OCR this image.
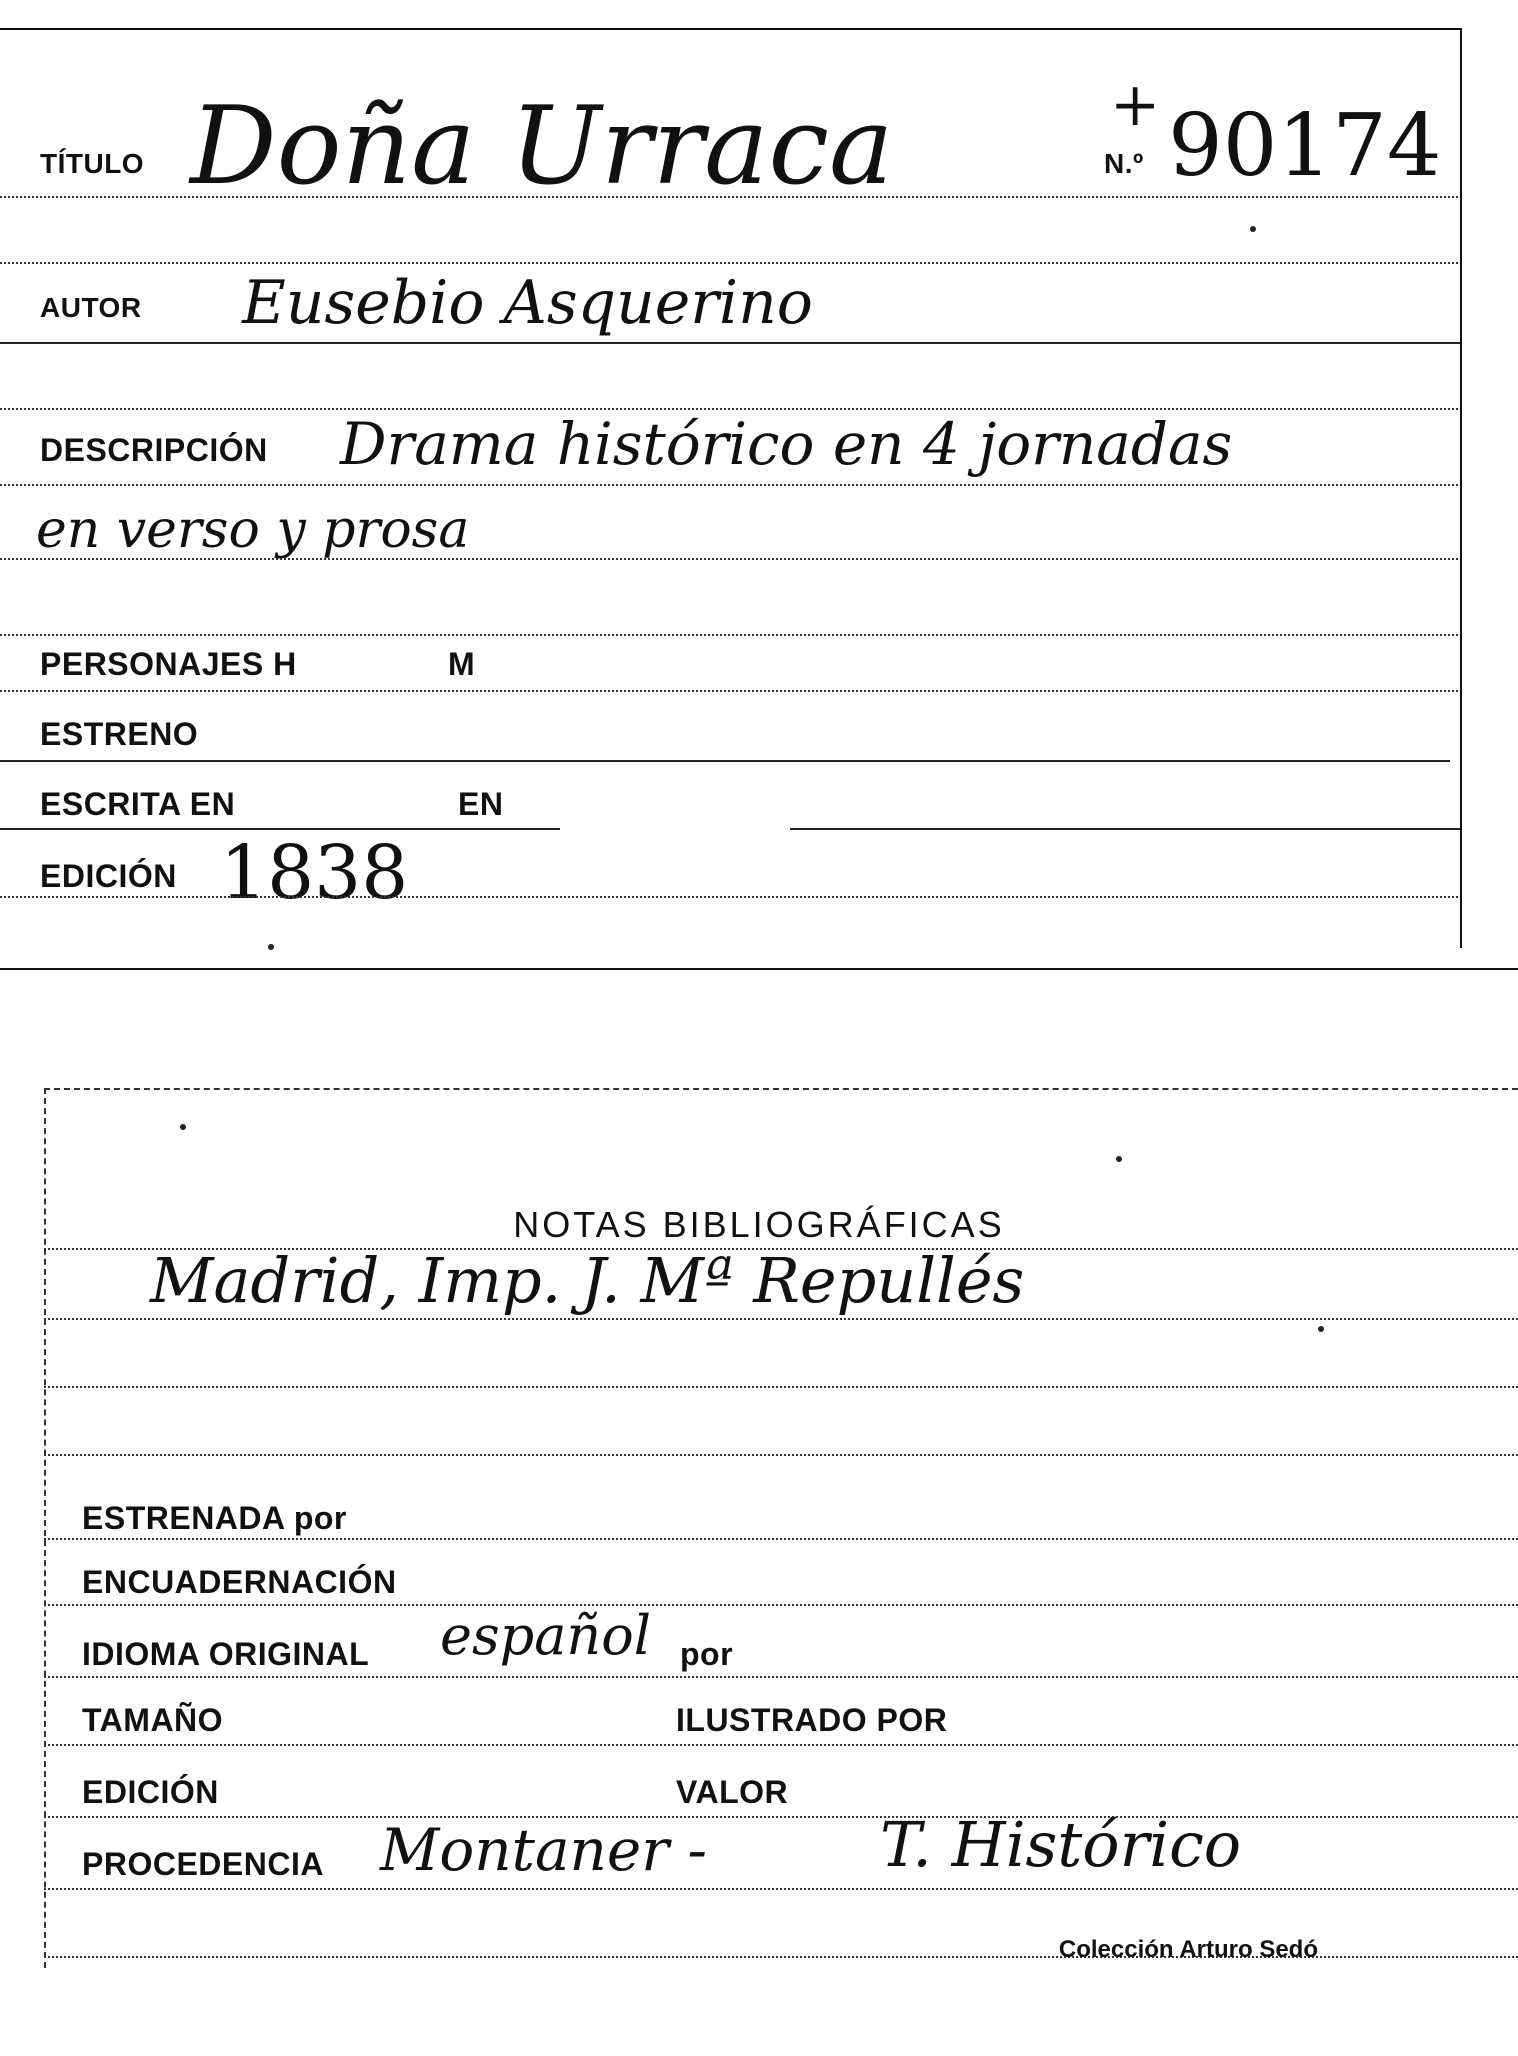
TÍTULO Doña Urraca	+
N.º 90174
AUTOR Eusebio Asquerino
DESCRIPCIÓN Drama histórico en 4 jornadas
en verso y prosa
PERSONAJES H	M
ESTRENO
ESCRITA EN	EN
EDICIÓN 1838
NOTAS BIBLIOGRÁFICAS
Madrid, Imp. J. Mª Repullés
ESTRENADA por
ENCUADERNACIÓN
IDIOMA ORIGINAL español por
TAMAÑO	ILUSTRADO POR
EDICIÓN	VALOR
PROCEDENCIA Montaner -	T. Histórico
Colección Arturo Sedó
